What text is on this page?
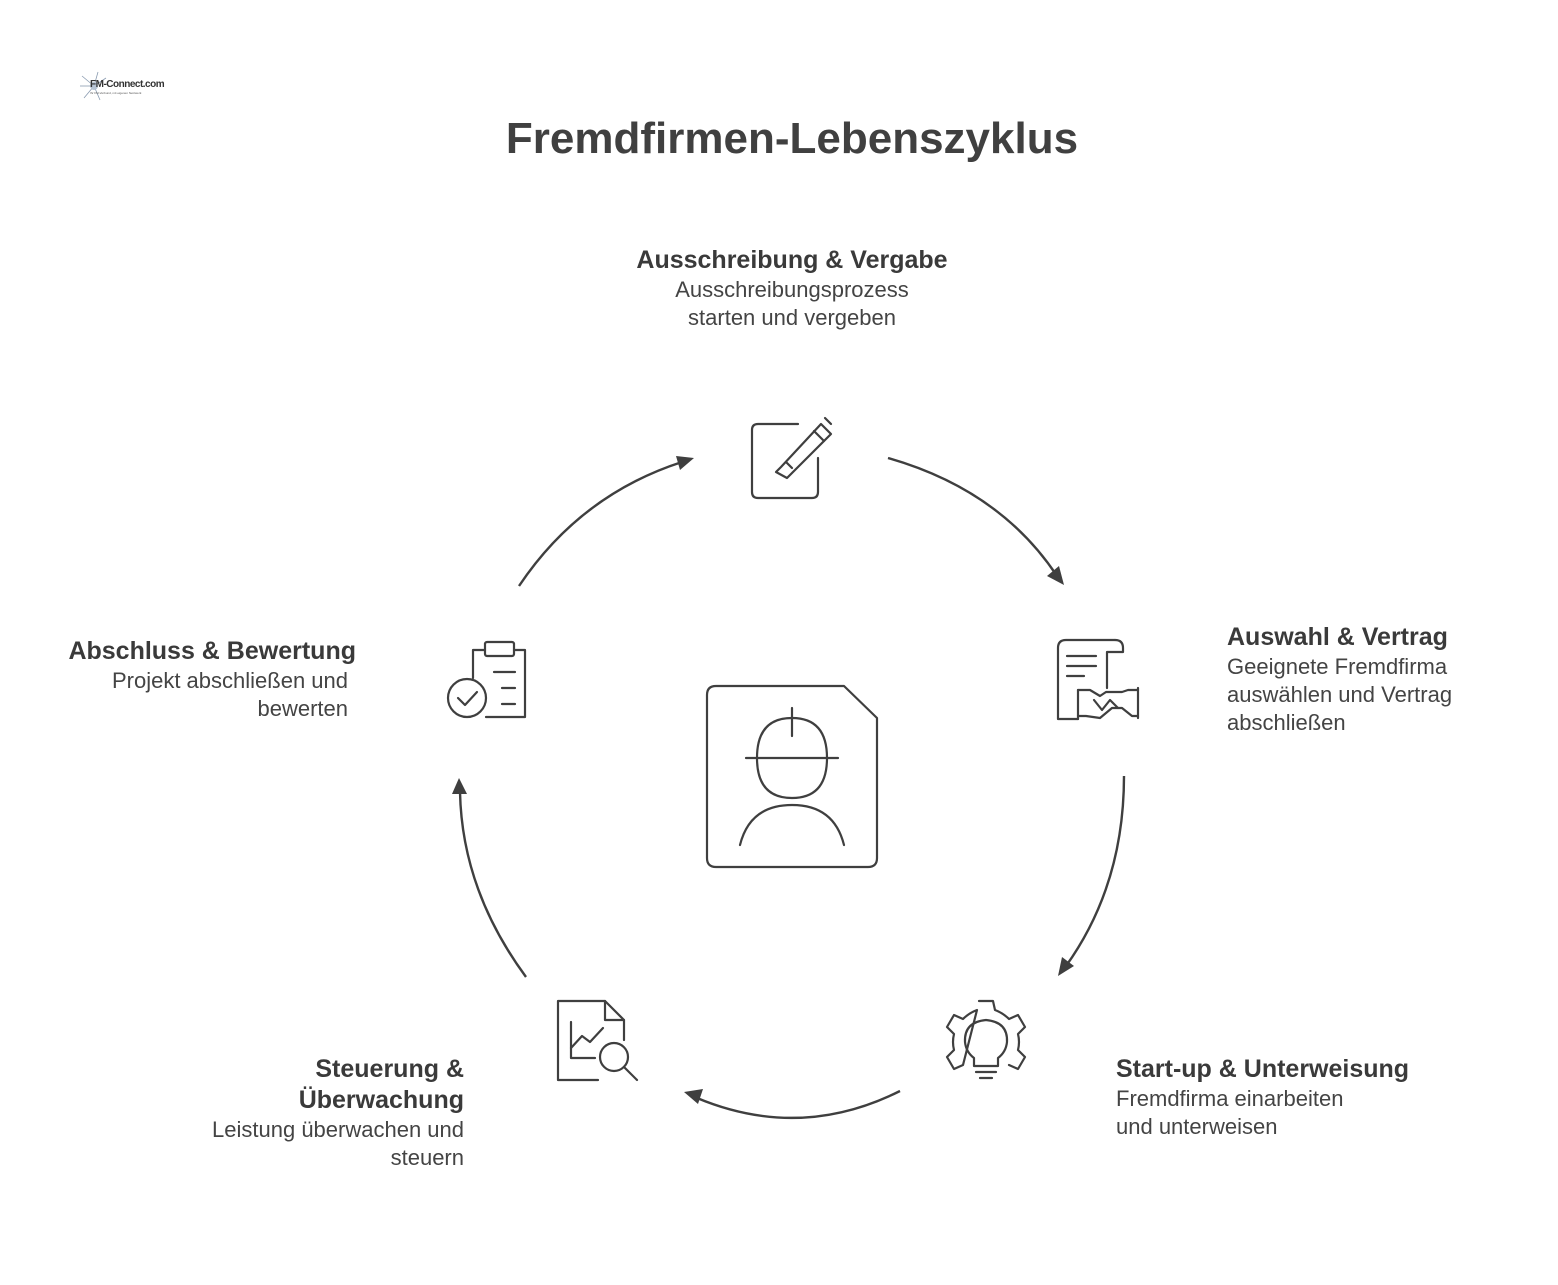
FM-Connect.com
Ihr FM-Verbund, mit eigenen Netzwerk
Fremdfirmen-Lebenszyklus
Ausschreibung & Vergabe
Ausschreibungsprozess
starten und vergeben
Auswahl & Vertrag
Geeignete Fremdfirma
auswählen und Vertrag
abschließen
Start-up & Unterweisung
Fremdfirma einarbeiten
und unterweisen
Steuerung &
Überwachung
Leistung überwachen und
steuern
Abschluss & Bewertung
Projekt abschließen und
bewerten
